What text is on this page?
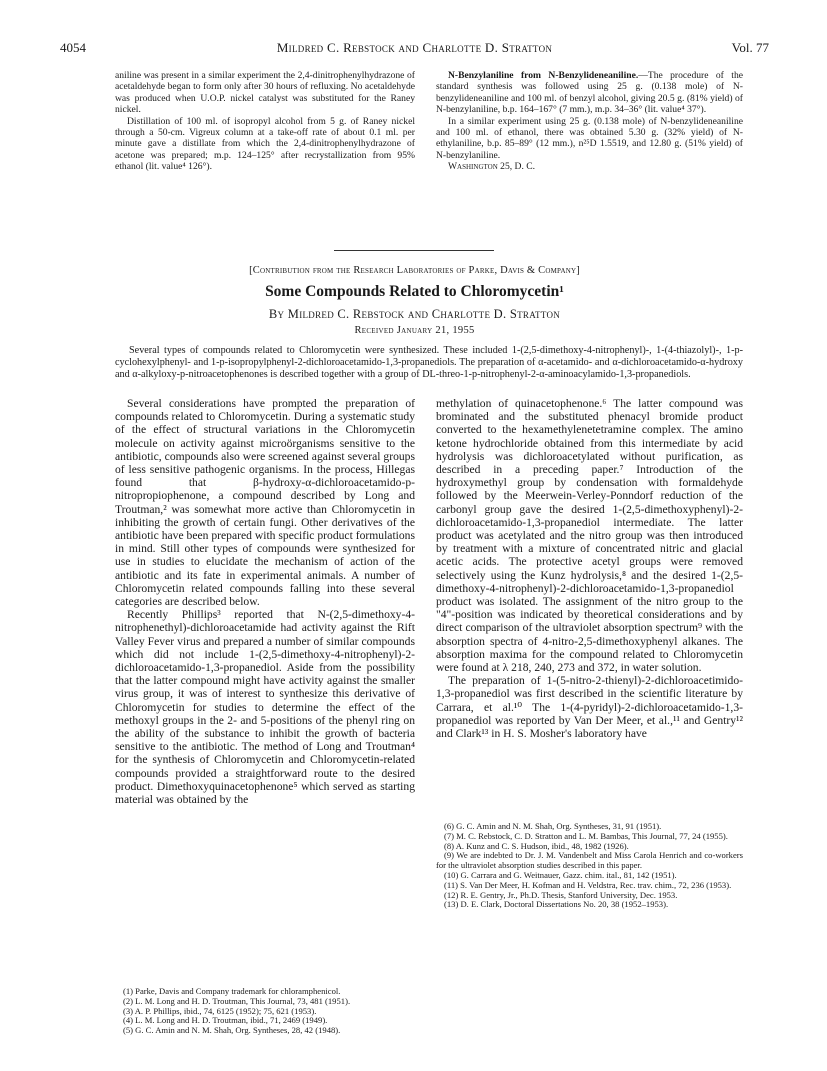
4054	Mildred C. Rebstock and Charlotte D. Stratton	Vol. 77

aniline was present in a similar experiment the 2,4-dinitrophenylhydrazone of acetaldehyde began to form only after 30 hours of refluxing. No acetaldehyde was produced when U.O.P. nickel catalyst was substituted for the Raney nickel.

Distillation of 100 ml. of isopropyl alcohol from 5 g. of Raney nickel through a 50-cm. Vigreux column at a take-off rate of about 0.1 ml. per minute gave a distillate from which the 2,4-dinitrophenylhydrazone of acetone was prepared; m.p. 124–125° after recrystallization from 95% ethanol (lit. value⁴ 126°).

N-Benzylaniline from N-Benzylideneaniline.—The procedure of the standard synthesis was followed using 25 g. (0.138 mole) of N-benzylideneaniline and 100 ml. of benzyl alcohol, giving 20.5 g. (81% yield) of N-benzylaniline, b.p. 164–167° (7 mm.), m.p. 34–36° (lit. value⁴ 37°).

In a similar experiment using 25 g. (0.138 mole) of N-benzylideneaniline and 100 ml. of ethanol, there was obtained 5.30 g. (32% yield) of N-ethylaniline, b.p. 85–89° (12 mm.), n²⁵D 1.5519, and 12.80 g. (51% yield) of N-benzylaniline.

Washington 25, D. C.

[Contribution from the Research Laboratories of Parke, Davis & Company]
Some Compounds Related to Chloromycetin¹
By Mildred C. Rebstock and Charlotte D. Stratton
Received January 21, 1955
Several types of compounds related to Chloromycetin were synthesized. These included 1-(2,5-dimethoxy-4-nitrophenyl)-, 1-(4-thiazolyl)-, 1-p-cyclohexylphenyl- and 1-p-isopropylphenyl-2-dichloroacetamido-1,3-propanediols. The preparation of α-acetamido- and α-dichloroacetamido-α-hydroxy and α-alkyloxy-p-nitroacetophenones is described together with a group of DL-threo-1-p-nitrophenyl-2-α-aminoacylamido-1,3-propanediols.

Several considerations have prompted the preparation of compounds related to Chloromycetin. During a systematic study of the effect of structural variations in the Chloromycetin molecule on activity against microörganisms sensitive to the antibiotic, compounds also were screened against several groups of less sensitive pathogenic organisms. In the process, Hillegas found that β-hydroxy-α-dichloroacetamido-p-nitropropiophenone, a compound described by Long and Troutman,² was somewhat more active than Chloromycetin in inhibiting the growth of certain fungi. Other derivatives of the antibiotic have been prepared with specific product formulations in mind. Still other types of compounds were synthesized for use in studies to elucidate the mechanism of action of the antibiotic and its fate in experimental animals. A number of Chloromycetin related compounds falling into these several categories are described below.

Recently Phillips³ reported that N-(2,5-dimethoxy-4-nitrophenethyl)-dichloroacetamide had activity against the Rift Valley Fever virus and prepared a number of similar compounds which did not include 1-(2,5-dimethoxy-4-nitrophenyl)-2-dichloroacetamido-1,3-propanediol. Aside from the possibility that the latter compound might have activity against the smaller virus group, it was of interest to synthesize this derivative of Chloromycetin for studies to determine the effect of the methoxyl groups in the 2- and 5-positions of the phenyl ring on the ability of the substance to inhibit the growth of bacteria sensitive to the antibiotic. The method of Long and Troutman⁴ for the synthesis of Chloromycetin and Chloromycetin-related compounds provided a straightforward route to the desired product. Dimethoxyquinacetophenone⁵ which served as starting material was obtained by the

methylation of quinacetophenone.⁶ The latter compound was brominated and the substituted phenacyl bromide product converted to the hexamethylenetetramine complex. The amino ketone hydrochloride obtained from this intermediate by acid hydrolysis was dichloroacetylated without purification, as described in a preceding paper.⁷ Introduction of the hydroxymethyl group by condensation with formaldehyde followed by the Meerwein-Verley-Ponndorf reduction of the carbonyl group gave the desired 1-(2,5-dimethoxyphenyl)-2-dichloroacetamido-1,3-propanediol intermediate. The latter product was acetylated and the nitro group was then introduced by treatment with a mixture of concentrated nitric and glacial acetic acids. The protective acetyl groups were removed selectively using the Kunz hydrolysis,⁸ and the desired 1-(2,5-dimethoxy-4-nitrophenyl)-2-dichloroacetamido-1,3-propanediol product was isolated. The assignment of the nitro group to the "4"-position was indicated by theoretical considerations and by direct comparison of the ultraviolet absorption spectrum⁹ with the absorption spectra of 4-nitro-2,5-dimethoxyphenyl alkanes. The absorption maxima for the compound related to Chloromycetin were found at λ 218, 240, 273 and 372, in water solution.

The preparation of 1-(5-nitro-2-thienyl)-2-dichloroacetimido-1,3-propanediol was first described in the scientific literature by Carrara, et al.¹⁰ The 1-(4-pyridyl)-2-dichloroacetamido-1,3-propanediol was reported by Van Der Meer, et al.,¹¹ and Gentry¹² and Clark¹³ in H. S. Mosher's laboratory have

(1) Parke, Davis and Company trademark for chloramphenicol.
(2) L. M. Long and H. D. Troutman, This Journal, 73, 481 (1951).
(3) A. P. Phillips, ibid., 74, 6125 (1952); 75, 621 (1953).
(4) L. M. Long and H. D. Troutman, ibid., 71, 2469 (1949).
(5) G. C. Amin and N. M. Shah, Org. Syntheses, 28, 42 (1948).
(6) G. C. Amin and N. M. Shah, Org. Syntheses, 31, 91 (1951).
(7) M. C. Rebstock, C. D. Stratton and L. M. Bambas, This Journal, 77, 24 (1955).
(8) A. Kunz and C. S. Hudson, ibid., 48, 1982 (1926).
(9) We are indebted to Dr. J. M. Vandenbelt and Miss Carola Henrich and co-workers for the ultraviolet absorption studies described in this paper.
(10) G. Carrara and G. Weitnauer, Gazz. chim. ital., 81, 142 (1951).
(11) S. Van Der Meer, H. Kofman and H. Veldstra, Rec. trav. chim., 72, 236 (1953).
(12) R. E. Gentry, Jr., Ph.D. Thesis, Stanford University, Dec. 1953.
(13) D. E. Clark, Doctoral Dissertations No. 20, 38 (1952–1953).
